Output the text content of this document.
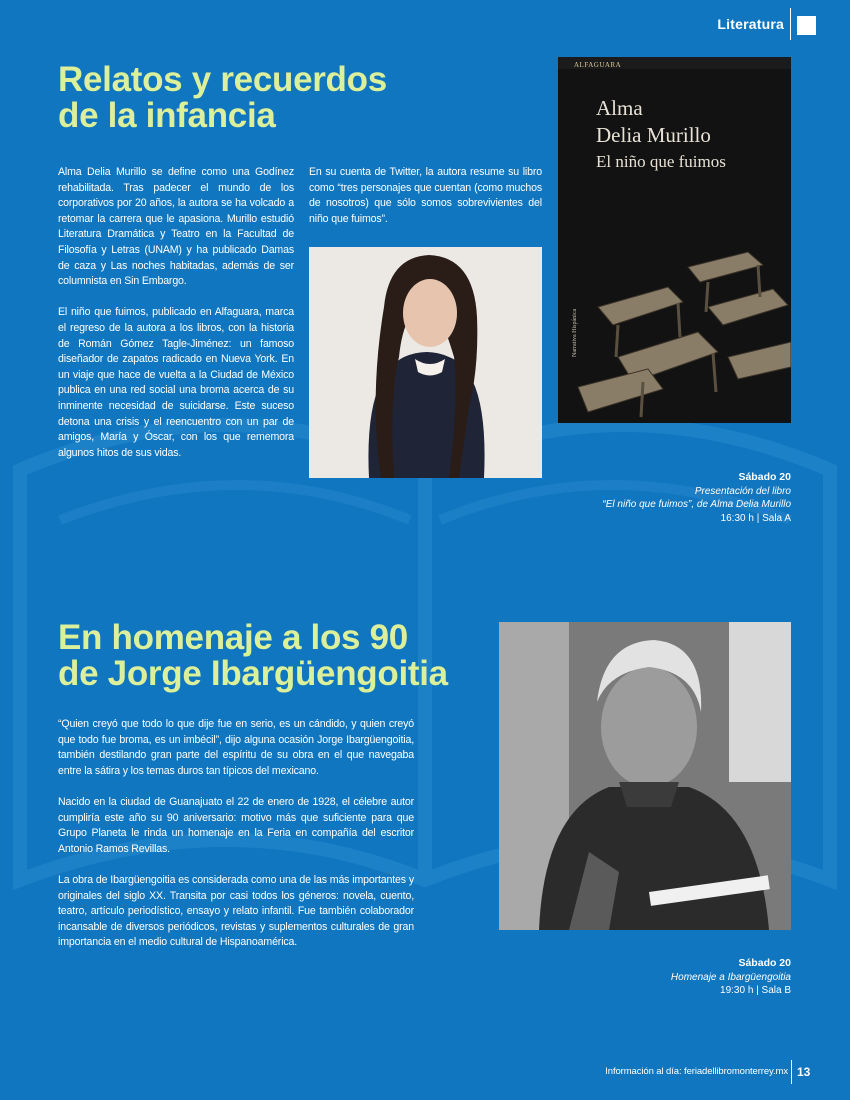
Literatura
Relatos y recuerdos
de la infancia

Alma Delia Murillo se define como una Godínez rehabilitada. Tras padecer el mundo de los corporativos por 20 años, la autora se ha volcado a retomar la carrera que le apasiona. Murillo estudió Literatura Dramática y Teatro en la Facultad de Filosofía y Letras (UNAM) y ha publicado Damas de caza y Las noches habitadas, además de ser columnista en Sin Embargo.

El niño que fuimos, publicado en Alfaguara, marca el regreso de la autora a los libros, con la historia de Román Gómez Tagle-Jiménez: un famoso diseñador de zapatos radicado en Nueva York. En un viaje que hace de vuelta a la Ciudad de México publica en una red social una broma acerca de su inminente necesidad de suicidarse. Este suceso detona una crisis y el reencuentro con un par de amigos, María y Óscar, con los que rememora algunos hitos de sus vidas.

En su cuenta de Twitter, la autora resume su libro como “tres personajes que cuentan (como muchos de nosotros) que sólo somos sobrevivientes del niño que fuimos”.

ALFAGUARA
Alma
Delia Murillo
El niño que fuimos
Narrativa Hispánica
Sábado 20
Presentación del libro
“El niño que fuimos”, de Alma Delia Murillo
16:30 h | Sala A
En homenaje a los 90
de Jorge Ibargüengoitia

“Quien creyó que todo lo que dije fue en serio, es un cándido, y quien creyó que todo fue broma, es un imbécil”, dijo alguna ocasión Jorge Ibargüengoitia, también destilando gran parte del espíritu de su obra en el que navegaba entre la sátira y los temas duros tan típicos del mexicano.

Nacido en la ciudad de Guanajuato el 22 de enero de 1928, el célebre autor cumpliría este año su 90 aniversario: motivo más que suficiente para que Grupo Planeta le rinda un homenaje en la Feria en compañía del escritor Antonio Ramos Revillas.

La obra de Ibargüengoitia es considerada como una de las más importantes y originales del siglo XX. Transita por casi todos los géneros: novela, cuento, teatro, artículo periodístico, ensayo y relato infantil. Fue también colaborador incansable de diversos periódicos, revistas y suplementos culturales de gran importancia en el medio cultural de Hispanoamérica.

Sábado 20
Homenaje a Ibargüengoitia
19:30 h | Sala B
Información al día: feriadellibromonterrey.mx 13
